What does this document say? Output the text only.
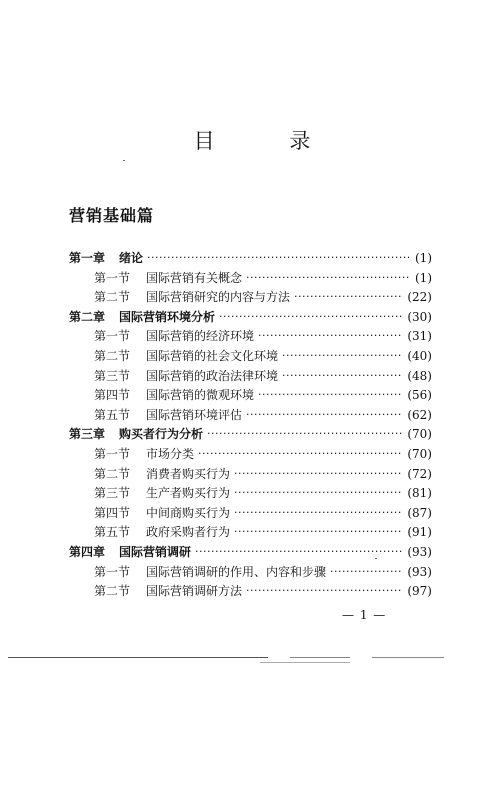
目 录
营销基础篇
第一章 绪论 ·····	(1)
第一节 国际营销有关概念 ·····	(1)
第二节 国际营销研究的内容与方法 ·····	(22)
第二章 国际营销环境分析 ·····	(30)
第一节 国际营销的经济环境 ·····	(31)
第二节 国际营销的社会文化环境 ·····	(40)
第三节 国际营销的政治法律环境 ·····	(48)
第四节 国际营销的微观环境 ·····	(56)
第五节 国际营销环境评估 ·····	(62)
第三章 购买者行为分析 ·····	(70)
第一节 市场分类 ·····	(70)
第二节 消费者购买行为 ·····	(72)
第三节 生产者购买行为 ·····	(81)
第四节 中间商购买行为 ·····	(87)
第五节 政府采购者行为 ·····	(91)
第四章 国际营销调研 ·····	(93)
第一节 国际营销调研的作用、内容和步骤 ·····	(93)
第二节 国际营销调研方法 ·····	(97)
— 1 —
